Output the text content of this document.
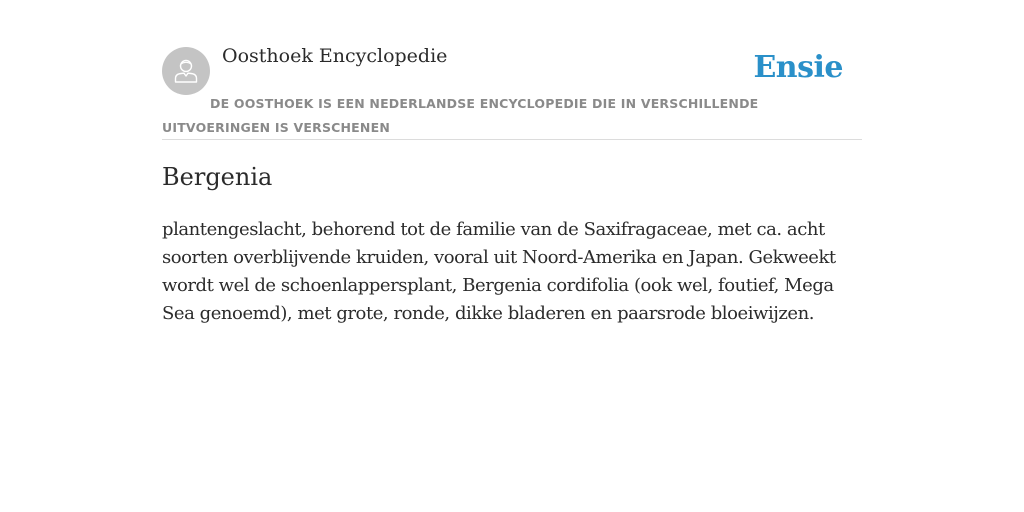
Oosthoek Encyclopedie	Ensie
DE OOSTHOEK IS EEN NEDERLANDSE ENCYCLOPEDIE DIE IN VERSCHILLENDE UITVOERINGEN IS VERSCHENEN
Bergenia

plantengeslacht, behorend tot de familie van de Saxifragaceae, met ca. acht soorten overblijvende kruiden, vooral uit Noord-Amerika en Japan. Gekweekt wordt wel de schoenlappersplant, Bergenia cordifolia (ook wel, foutief, Mega Sea genoemd), met grote, ronde, dikke bladeren en paarsrode bloeiwijzen.
